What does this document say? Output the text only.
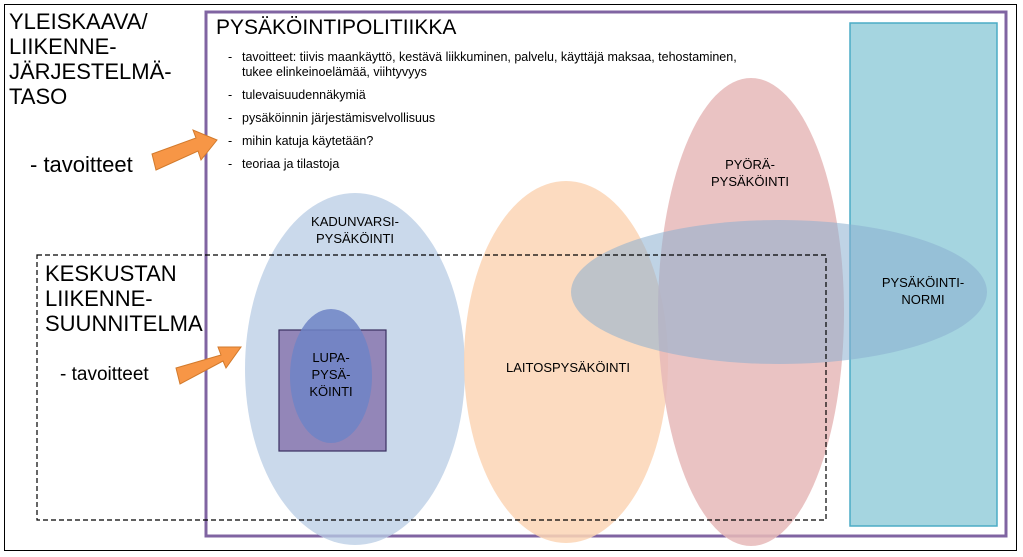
YLEISKAAVA/
LIIKENNE-
JÄRJESTELMÄ-
TASO
- tavoitteet
KESKUSTAN
LIIKENNE-
SUUNNITELMA
- tavoitteet
PYSÄKÖINTIPOLITIIKKA
- tavoitteet: tiivis maankäyttö, kestävä liikkuminen, palvelu, käyttäjä maksaa, tehostaminen,
tukee elinkeinoelämää, viihtyvyys
- tulevaisuudennäkymiä
- pysäköinnin järjestämisvelvollisuus
- mihin katuja käytetään?
- teoriaa ja tilastoja
KADUNVARSI-
PYSÄKÖINTI
LUPA-
PYSÄ-
KÖINTI
LAITOSPYSÄKÖINTI
PYÖRÄ-
PYSÄKÖINTI
PYSÄKÖINTI-
NORMI
